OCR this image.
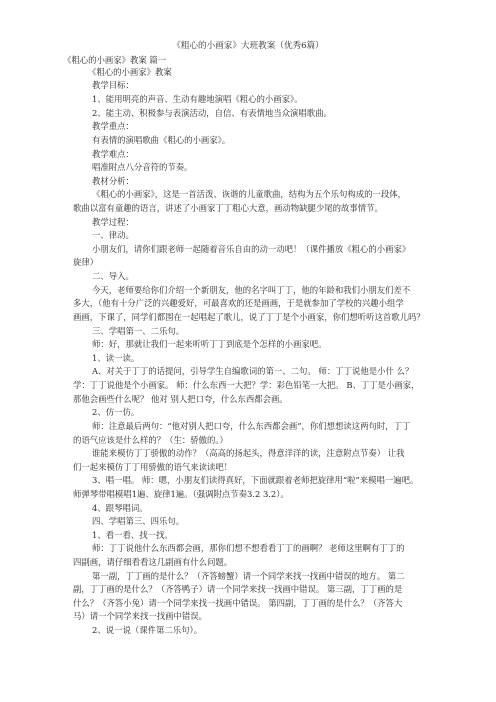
《粗心的小画家》大班教案（优秀6篇）
《粗心的小画家》教案 篇一
《粗心的小画家》教案
教学目标：
1、能用明亮的声音、生动有趣地演唱《粗心的小画家》。
2、能主动、积极参与表演活动，自信、有表情地当众演唱歌曲。
教学重点：
有表情的演唱歌曲《粗心的小画家》。
教学难点：
唱准附点八分音符的节奏。
教材分析：
《粗心的小画家》，这是一首活泼、诙谐的儿童歌曲，结构为五个乐句构成的一段体，
歌曲以富有童趣的语言，讲述了小画家丁丁粗心大意，画动物缺腿少尾的故事情节。
教学过程：
一、律动。
小朋友们，请你们跟老师一起随着音乐自由的动一动吧！（课件播放《粗心的小画家》
旋律）
二、导入。
今天，老师要给你们介绍一个新朋友，他的名字叫丁丁，他的年龄和我们小朋友们差不
多大，（他有十分广泛的兴趣爱好，可最喜欢的还是画画，于是就参加了学校的兴趣小组学
画画，下课了，同学们都围在一起唱起了歌儿，说了丁丁是个小画家，你们想听听这首歌儿吗？
三、学唱第一、二乐句。
师：好，那就让我们一起来听听丁丁到底是个怎样的小画家吧。
1、读一读。
A、对关于丁丁的话提问，引导学生自编歌词的第一、二句。 师：丁丁说他是小什 么？
学：丁丁说他是个小画家。 师：什么东西一大把？学：彩色铅笔一大把。 B、丁丁是小画家，
那他会画些什么呢？ 他对 别人把口夸，什么东西都会画。
2、仿一仿。
师：注意最后两句：“他对别人把口夸，什么东西都会画”，你们想想读这两句时，丁丁
的语气应该是什么样的？（生：骄傲的。）
谁能来模仿丁丁骄傲的动作？（高高的扬起头，得意洋洋的读，注意附点节奏） 让我
们一起来模仿丁丁用骄傲的语气来读读吧！
3、唱一唱。 师：嗯，小朋友们读得真好，下面就跟着老师把旋律用“啦”来模唱一遍吧。
师弹琴带唱模唱1遍、旋律1遍。（强调附点节奏3.2 3.2）。
4、跟琴唱词。
四、学唱第三、四乐句。
1、看一看、找一找。
师：丁丁说他什么东西都会画，那你们想不想看看丁丁的画啊？ 老师这里啊有丁丁的
四副画，请仔细看看这几副画有什么问题。
第一副，丁丁画的是什么？（齐答螃蟹）请一个同学来找一找画中错误的地方。 第二
副，丁丁画的是什么？（齐答鸭子）请一个同学来找一找画中错误。 第三副，丁丁画的是
什么？（齐答小兔）请一个同学来找一找画中错误。 第四副，丁丁画的是什么？（齐答大
马）请一个同学来找一找画中错误。
2、说一说（课件第二乐句）。
